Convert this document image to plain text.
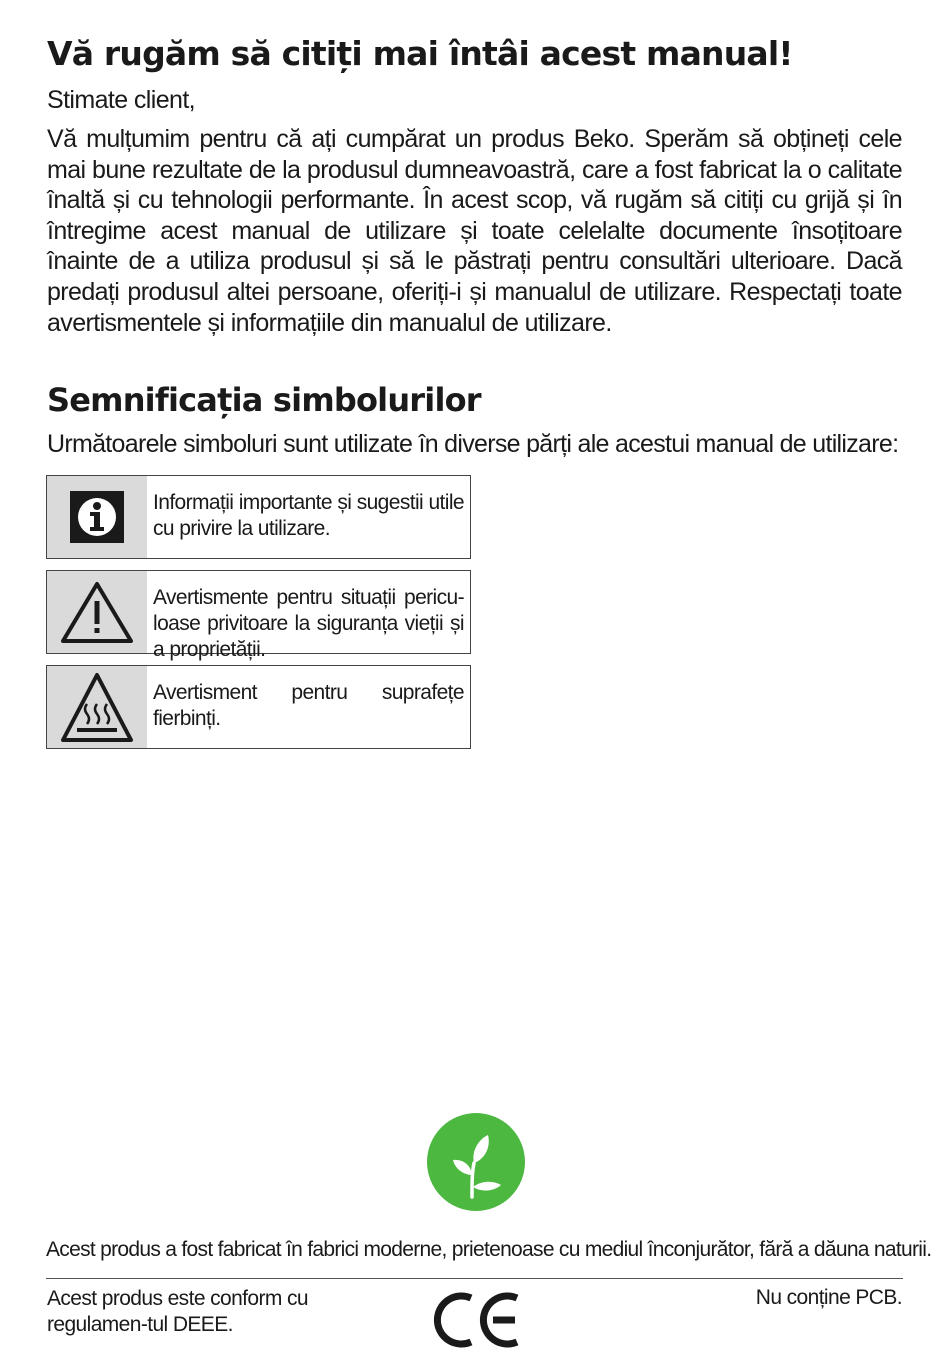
Vă rugăm să citiți mai întâi acest manual!
Stimate client,

Vă mulțumim pentru că ați cumpărat un produs Beko. Sperăm să obțineți cele mai bune rezultate de la produsul dumneavoastră, care a fost fabricat la o calitate înaltă și cu tehnologii performante. În acest scop, vă rugăm să citiți cu grijă și în întregime acest manual de utilizare și toate celelalte documente însoțitoare înainte de a utiliza produsul și să le păstrați pentru consultări ulterioare. Dacă predați produsul altei persoane, oferiți-i și manualul de utilizare. Respectați toate avertismentele și informațiile din manualul de utilizare.

Semnificația simbolurilor
Următoarele simboluri sunt utilizate în diverse părți ale acestui manual de utilizare:
Informații importante și sugestii utile cu privire la utilizare.
Avertismente pentru situații pericu-loase privitoare la siguranța vieții și a proprietății.
Avertisment pentru suprafețe fierbinți.
Acest produs a fost fabricat în fabrici moderne, prietenoase cu mediul înconjurător, fără a dăuna naturii.
Acest produs este conform cu regulamen-tul DEEE.
Nu conține PCB.
